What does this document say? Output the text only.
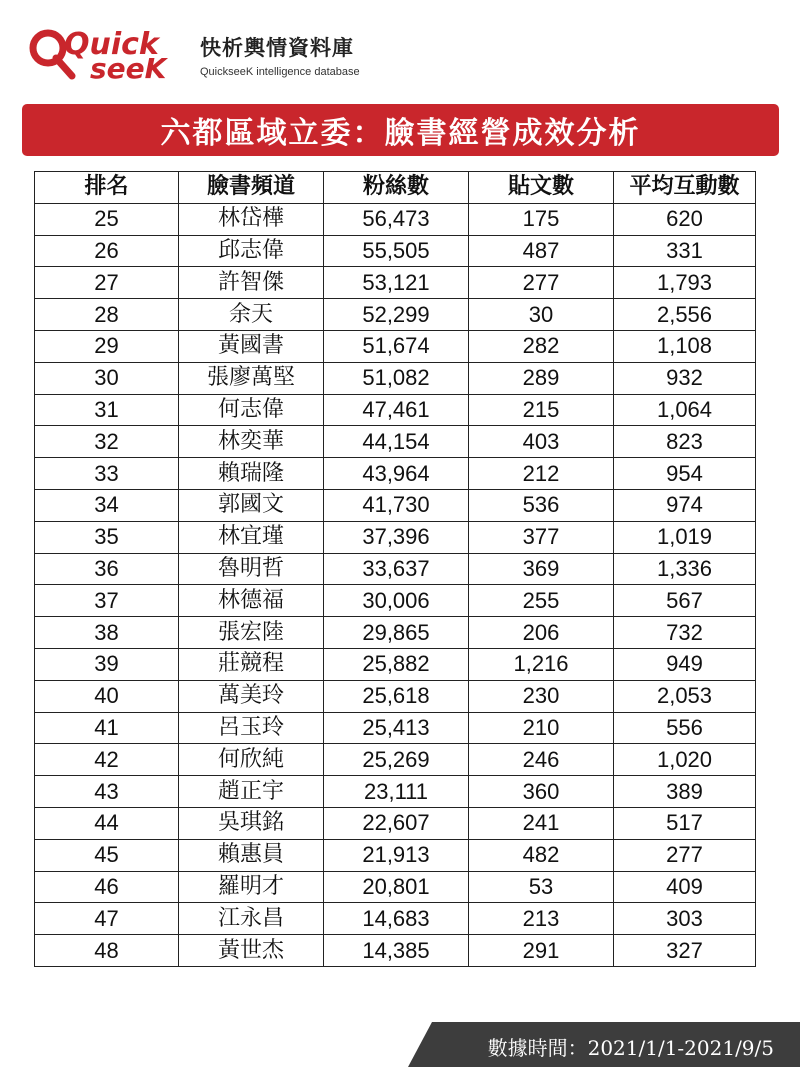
Quick
seeK
快析輿情資料庫
QuickseeK intelligence database
六都區域立委：臉書經營成效分析
排名	臉書頻道	粉絲數	貼文數	平均互動數
25	林岱樺	56,473	175	620
26	邱志偉	55,505	487	331
27	許智傑	53,121	277	1,793
28	余天	52,299	30	2,556
29	黃國書	51,674	282	1,108
30	張廖萬堅	51,082	289	932
31	何志偉	47,461	215	1,064
32	林奕華	44,154	403	823
33	賴瑞隆	43,964	212	954
34	郭國文	41,730	536	974
35	林宜瑾	37,396	377	1,019
36	魯明哲	33,637	369	1,336
37	林德福	30,006	255	567
38	張宏陸	29,865	206	732
39	莊競程	25,882	1,216	949
40	萬美玲	25,618	230	2,053
41	呂玉玲	25,413	210	556
42	何欣純	25,269	246	1,020
43	趙正宇	23,111	360	389
44	吳琪銘	22,607	241	517
45	賴惠員	21,913	482	277
46	羅明才	20,801	53	409
47	江永昌	14,683	213	303
48	黃世杰	14,385	291	327
數據時間：2021/1/1-2021/9/5
